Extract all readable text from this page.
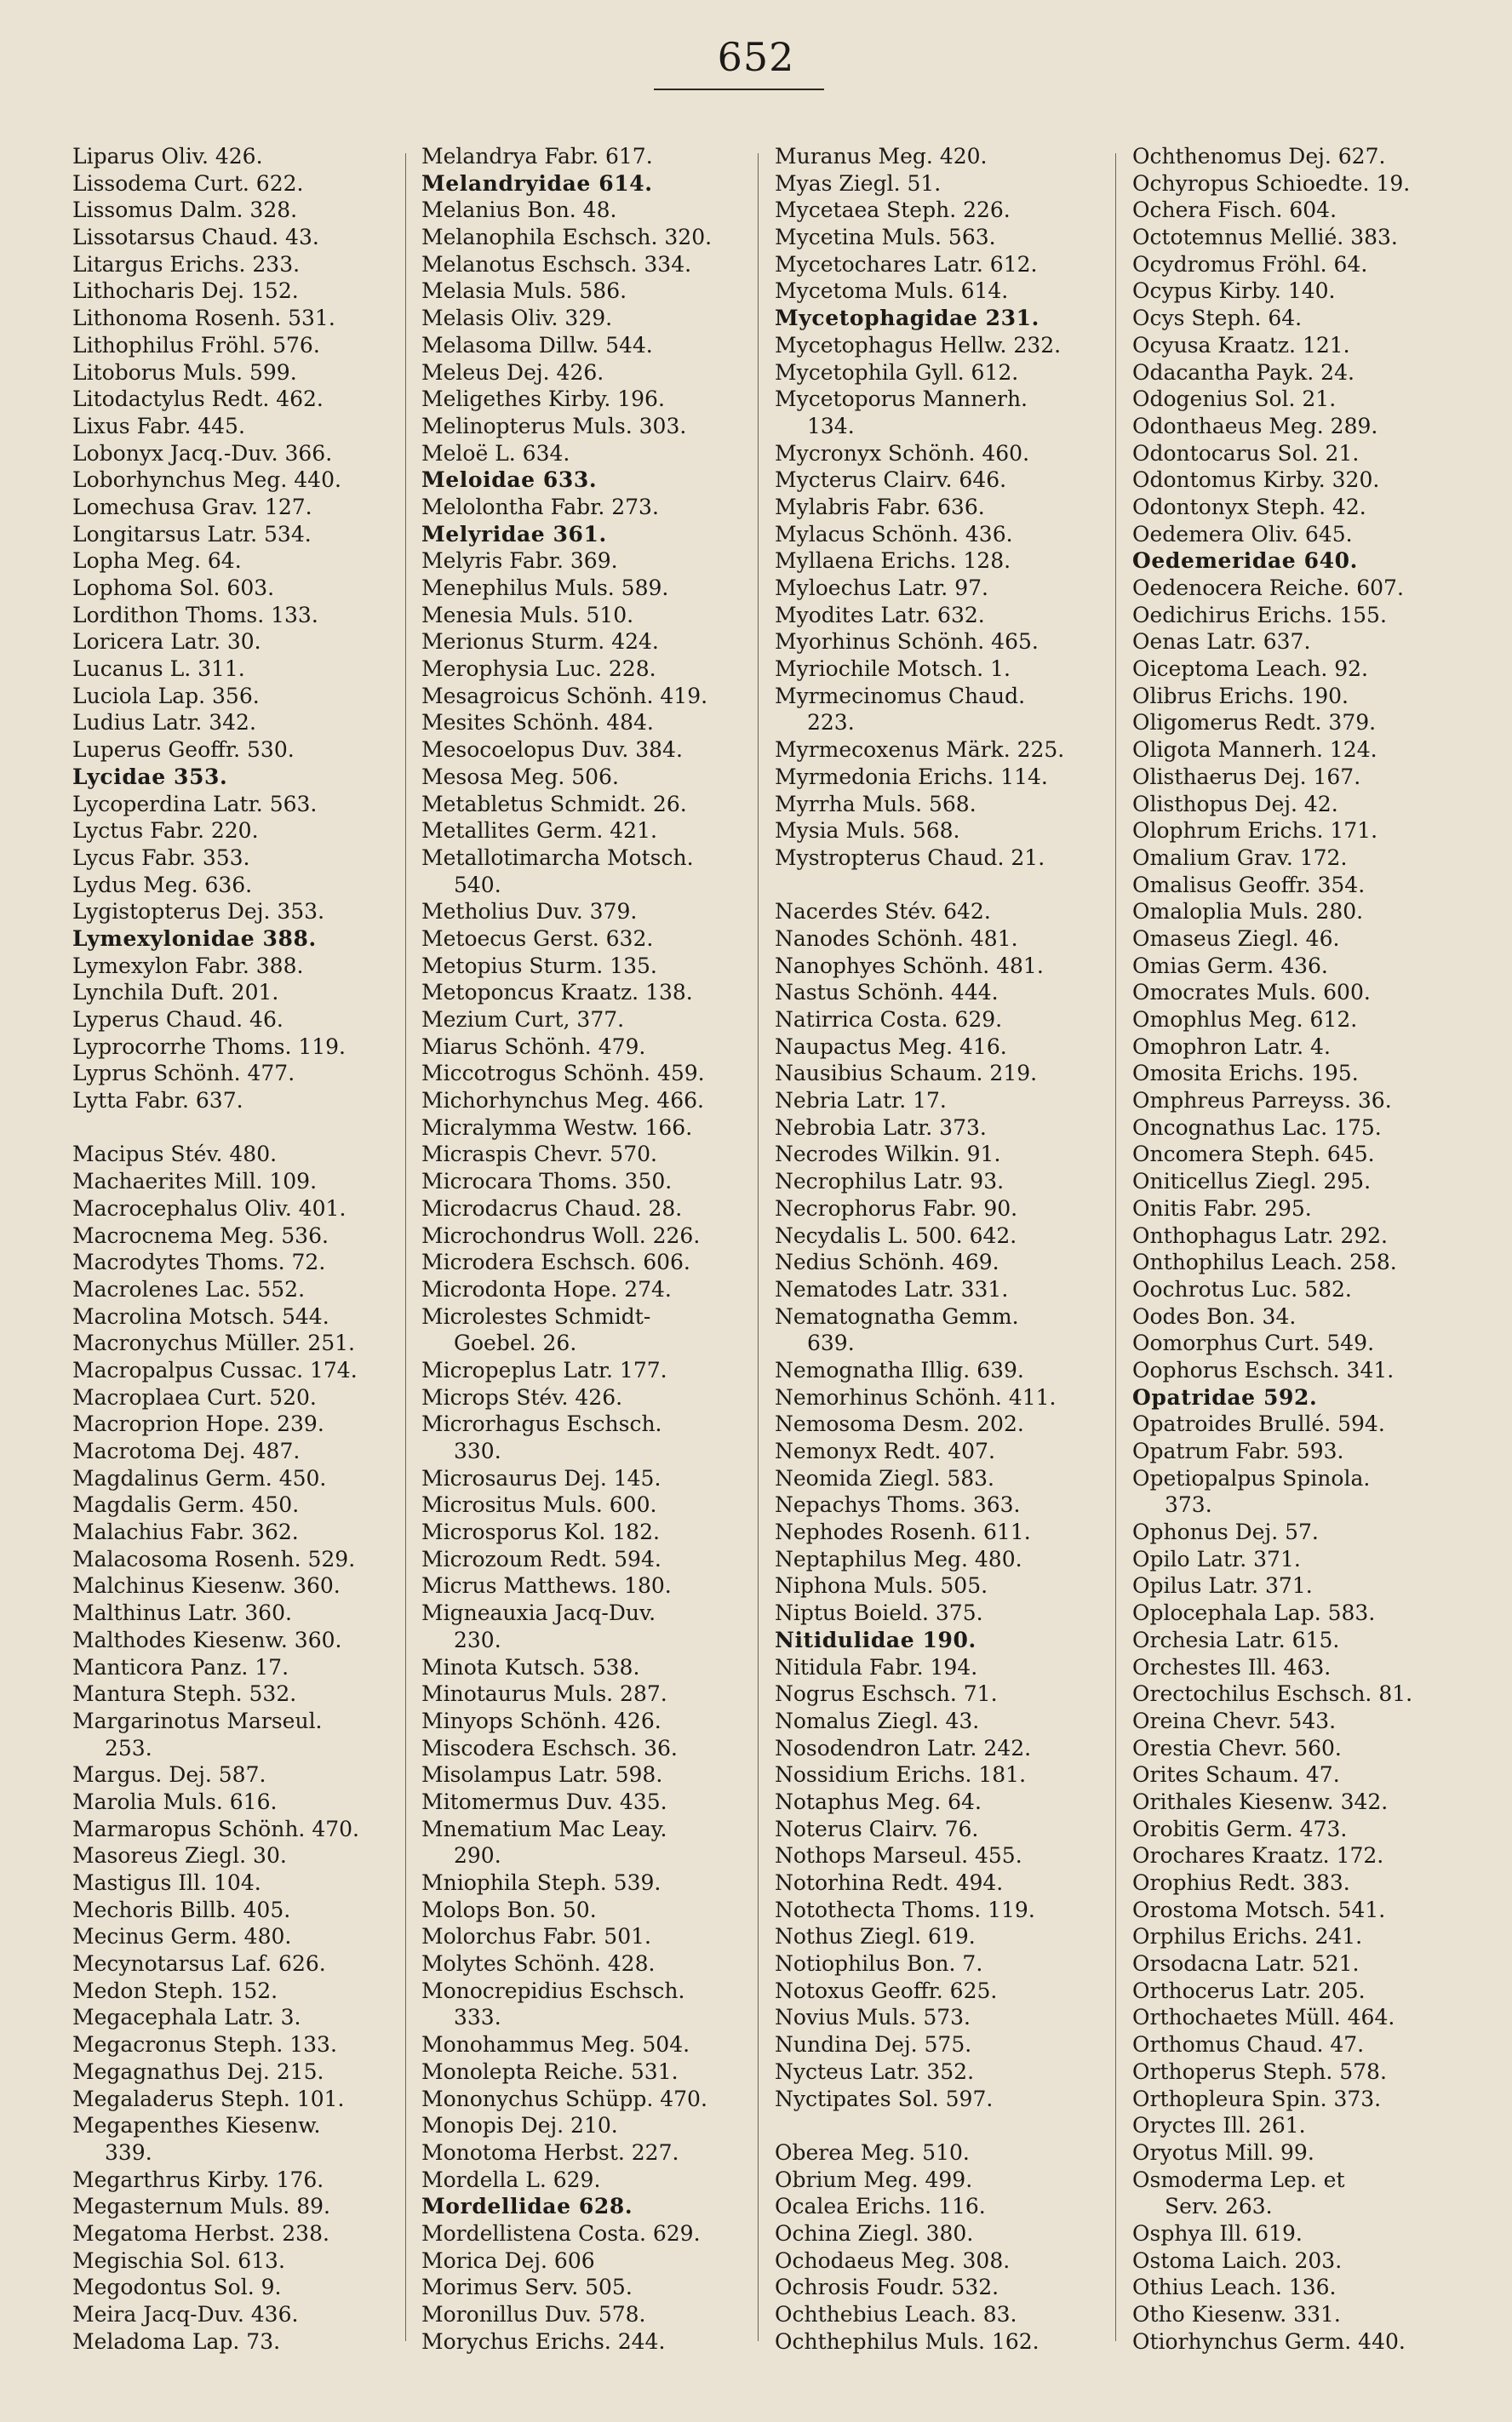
652
Liparus Oliv. 426.
Lissodema Curt. 622.
Lissomus Dalm. 328.
Lissotarsus Chaud. 43.
Litargus Erichs. 233.
Lithocharis Dej. 152.
Lithonoma Rosenh. 531.
Lithophilus Fröhl. 576.
Litoborus Muls. 599.
Litodactylus Redt. 462.
Lixus Fabr. 445.
Lobonyx Jacq.-Duv. 366.
Loborhynchus Meg. 440.
Lomechusa Grav. 127.
Longitarsus Latr. 534.
Lopha Meg. 64.
Lophoma Sol. 603.
Lordithon Thoms. 133.
Loricera Latr. 30.
Lucanus L. 311.
Luciola Lap. 356.
Ludius Latr. 342.
Luperus Geoffr. 530.
Lycidae 353.
Lycoperdina Latr. 563.
Lyctus Fabr. 220.
Lycus Fabr. 353.
Lydus Meg. 636.
Lygistopterus Dej. 353.
Lymexylonidae 388.
Lymexylon Fabr. 388.
Lynchila Duft. 201.
Lyperus Chaud. 46.
Lyprocorrhe Thoms. 119.
Lyprus Schönh. 477.
Lytta Fabr. 637.
Macipus Stév. 480.
Machaerites Mill. 109.
Macrocephalus Oliv. 401.
Macrocnema Meg. 536.
Macrodytes Thoms. 72.
Macrolenes Lac. 552.
Macrolina Motsch. 544.
Macronychus Müller. 251.
Macropalpus Cussac. 174.
Macroplaea Curt. 520.
Macroprion Hope. 239.
Macrotoma Dej. 487.
Magdalinus Germ. 450.
Magdalis Germ. 450.
Malachius Fabr. 362.
Malacosoma Rosenh. 529.
Malchinus Kiesenw. 360.
Malthinus Latr. 360.
Malthodes Kiesenw. 360.
Manticora Panz. 17.
Mantura Steph. 532.
Margarinotus Marseul.
253.
Margus. Dej. 587.
Marolia Muls. 616.
Marmaropus Schönh. 470.
Masoreus Ziegl. 30.
Mastigus Ill. 104.
Mechoris Billb. 405.
Mecinus Germ. 480.
Mecynotarsus Laf. 626.
Medon Steph. 152.
Megacephala Latr. 3.
Megacronus Steph. 133.
Megagnathus Dej. 215.
Megaladerus Steph. 101.
Megapenthes Kiesenw.
339.
Megarthrus Kirby. 176.
Megasternum Muls. 89.
Megatoma Herbst. 238.
Megischia Sol. 613.
Megodontus Sol. 9.
Meira Jacq-Duv. 436.
Meladoma Lap. 73.
Melandrya Fabr. 617.
Melandryidae 614.
Melanius Bon. 48.
Melanophila Eschsch. 320.
Melanotus Eschsch. 334.
Melasia Muls. 586.
Melasis Oliv. 329.
Melasoma Dillw. 544.
Meleus Dej. 426.
Meligethes Kirby. 196.
Melinopterus Muls. 303.
Meloë L. 634.
Meloidae 633.
Melolontha Fabr. 273.
Melyridae 361.
Melyris Fabr. 369.
Menephilus Muls. 589.
Menesia Muls. 510.
Merionus Sturm. 424.
Merophysia Luc. 228.
Mesagroicus Schönh. 419.
Mesites Schönh. 484.
Mesocoelopus Duv. 384.
Mesosa Meg. 506.
Metabletus Schmidt. 26.
Metallites Germ. 421.
Metallotimarcha Motsch.
540.
Metholius Duv. 379.
Metoecus Gerst. 632.
Metopius Sturm. 135.
Metoponcus Kraatz. 138.
Mezium Curt, 377.
Miarus Schönh. 479.
Miccotrogus Schönh. 459.
Michorhynchus Meg. 466.
Micralymma Westw. 166.
Micraspis Chevr. 570.
Microcara Thoms. 350.
Microdacrus Chaud. 28.
Microchondrus Woll. 226.
Microdera Eschsch. 606.
Microdonta Hope. 274.
Microlestes Schmidt-
Goebel. 26.
Micropeplus Latr. 177.
Microps Stév. 426.
Microrhagus Eschsch.
330.
Microsaurus Dej. 145.
Micrositus Muls. 600.
Microsporus Kol. 182.
Microzoum Redt. 594.
Micrus Matthews. 180.
Migneauxia Jacq-Duv.
230.
Minota Kutsch. 538.
Minotaurus Muls. 287.
Minyops Schönh. 426.
Miscodera Eschsch. 36.
Misolampus Latr. 598.
Mitomermus Duv. 435.
Mnematium Mac Leay.
290.
Mniophila Steph. 539.
Molops Bon. 50.
Molorchus Fabr. 501.
Molytes Schönh. 428.
Monocrepidius Eschsch.
333.
Monohammus Meg. 504.
Monolepta Reiche. 531.
Mononychus Schüpp. 470.
Monopis Dej. 210.
Monotoma Herbst. 227.
Mordella L. 629.
Mordellidae 628.
Mordellistena Costa. 629.
Morica Dej. 606
Morimus Serv. 505.
Moronillus Duv. 578.
Morychus Erichs. 244.
Muranus Meg. 420.
Myas Ziegl. 51.
Mycetaea Steph. 226.
Mycetina Muls. 563.
Mycetochares Latr. 612.
Mycetoma Muls. 614.
Mycetophagidae 231.
Mycetophagus Hellw. 232.
Mycetophila Gyll. 612.
Mycetoporus Mannerh.
134.
Mycronyx Schönh. 460.
Mycterus Clairv. 646.
Mylabris Fabr. 636.
Mylacus Schönh. 436.
Myllaena Erichs. 128.
Myloechus Latr. 97.
Myodites Latr. 632.
Myorhinus Schönh. 465.
Myriochile Motsch. 1.
Myrmecinomus Chaud.
223.
Myrmecoxenus Märk. 225.
Myrmedonia Erichs. 114.
Myrrha Muls. 568.
Mysia Muls. 568.
Mystropterus Chaud. 21.
Nacerdes Stév. 642.
Nanodes Schönh. 481.
Nanophyes Schönh. 481.
Nastus Schönh. 444.
Natirrica Costa. 629.
Naupactus Meg. 416.
Nausibius Schaum. 219.
Nebria Latr. 17.
Nebrobia Latr. 373.
Necrodes Wilkin. 91.
Necrophilus Latr. 93.
Necrophorus Fabr. 90.
Necydalis L. 500. 642.
Nedius Schönh. 469.
Nematodes Latr. 331.
Nematognatha Gemm.
639.
Nemognatha Illig. 639.
Nemorhinus Schönh. 411.
Nemosoma Desm. 202.
Nemonyx Redt. 407.
Neomida Ziegl. 583.
Nepachys Thoms. 363.
Nephodes Rosenh. 611.
Neptaphilus Meg. 480.
Niphona Muls. 505.
Niptus Boield. 375.
Nitidulidae 190.
Nitidula Fabr. 194.
Nogrus Eschsch. 71.
Nomalus Ziegl. 43.
Nosodendron Latr. 242.
Nossidium Erichs. 181.
Notaphus Meg. 64.
Noterus Clairv. 76.
Nothops Marseul. 455.
Notorhina Redt. 494.
Notothecta Thoms. 119.
Nothus Ziegl. 619.
Notiophilus Bon. 7.
Notoxus Geoffr. 625.
Novius Muls. 573.
Nundina Dej. 575.
Nycteus Latr. 352.
Nyctipates Sol. 597.
Oberea Meg. 510.
Obrium Meg. 499.
Ocalea Erichs. 116.
Ochina Ziegl. 380.
Ochodaeus Meg. 308.
Ochrosis Foudr. 532.
Ochthebius Leach. 83.
Ochthephilus Muls. 162.
Ochthenomus Dej. 627.
Ochyropus Schioedte. 19.
Ochera Fisch. 604.
Octotemnus Mellié. 383.
Ocydromus Fröhl. 64.
Ocypus Kirby. 140.
Ocys Steph. 64.
Ocyusa Kraatz. 121.
Odacantha Payk. 24.
Odogenius Sol. 21.
Odonthaeus Meg. 289.
Odontocarus Sol. 21.
Odontomus Kirby. 320.
Odontonyx Steph. 42.
Oedemera Oliv. 645.
Oedemeridae 640.
Oedenocera Reiche. 607.
Oedichirus Erichs. 155.
Oenas Latr. 637.
Oiceptoma Leach. 92.
Olibrus Erichs. 190.
Oligomerus Redt. 379.
Oligota Mannerh. 124.
Olisthaerus Dej. 167.
Olisthopus Dej. 42.
Olophrum Erichs. 171.
Omalium Grav. 172.
Omalisus Geoffr. 354.
Omaloplia Muls. 280.
Omaseus Ziegl. 46.
Omias Germ. 436.
Omocrates Muls. 600.
Omophlus Meg. 612.
Omophron Latr. 4.
Omosita Erichs. 195.
Omphreus Parreyss. 36.
Oncognathus Lac. 175.
Oncomera Steph. 645.
Oniticellus Ziegl. 295.
Onitis Fabr. 295.
Onthophagus Latr. 292.
Onthophilus Leach. 258.
Oochrotus Luc. 582.
Oodes Bon. 34.
Oomorphus Curt. 549.
Oophorus Eschsch. 341.
Opatridae 592.
Opatroides Brullé. 594.
Opatrum Fabr. 593.
Opetiopalpus Spinola.
373.
Ophonus Dej. 57.
Opilo Latr. 371.
Opilus Latr. 371.
Oplocephala Lap. 583.
Orchesia Latr. 615.
Orchestes Ill. 463.
Orectochilus Eschsch. 81.
Oreina Chevr. 543.
Orestia Chevr. 560.
Orites Schaum. 47.
Orithales Kiesenw. 342.
Orobitis Germ. 473.
Orochares Kraatz. 172.
Orophius Redt. 383.
Orostoma Motsch. 541.
Orphilus Erichs. 241.
Orsodacna Latr. 521.
Orthocerus Latr. 205.
Orthochaetes Müll. 464.
Orthomus Chaud. 47.
Orthoperus Steph. 578.
Orthopleura Spin. 373.
Oryctes Ill. 261.
Oryotus Mill. 99.
Osmoderma Lep. et
Serv. 263.
Osphya Ill. 619.
Ostoma Laich. 203.
Othius Leach. 136.
Otho Kiesenw. 331.
Otiorhynchus Germ. 440.
